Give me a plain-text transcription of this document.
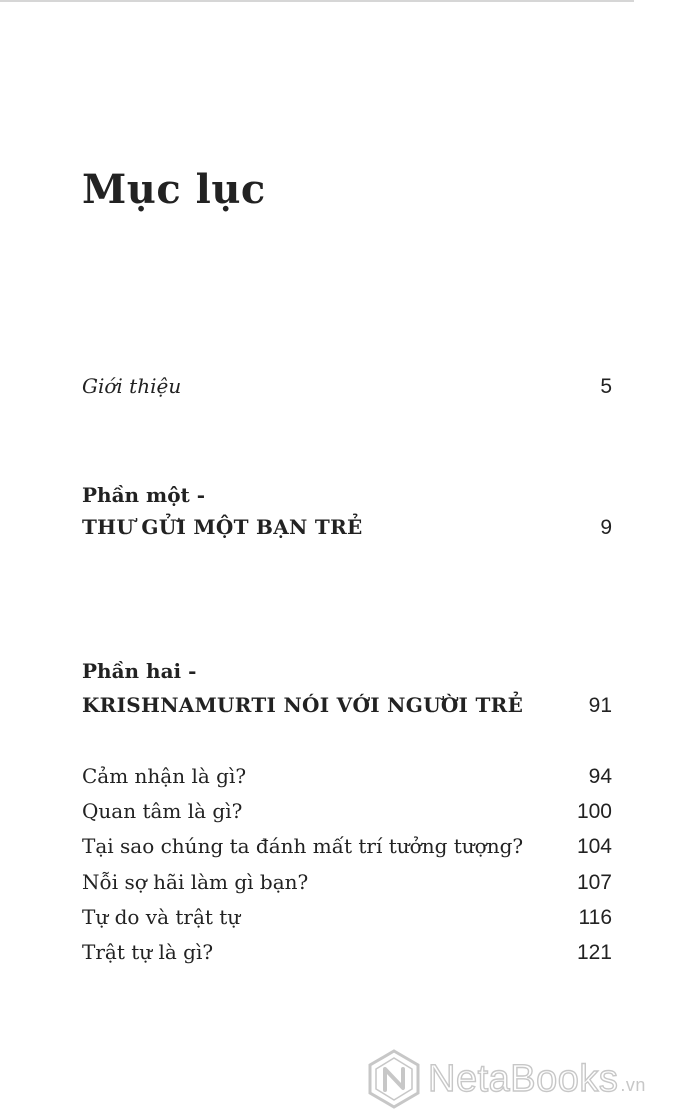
Mục lục
Giới thiệu	5
Phần một -
THƯ GỬI MỘT BẠN TRẺ	9
Phần hai -
KRISHNAMURTI NÓI VỚI NGƯỜI TRẺ	91
Cảm nhận là gì?	94
Quan tâm là gì?	100
Tại sao chúng ta đánh mất trí tưởng tượng?	104
Nỗi sợ hãi làm gì bạn?	107
Tự do và trật tự	116
Trật tự là gì?	121
NetaBooks .vn
